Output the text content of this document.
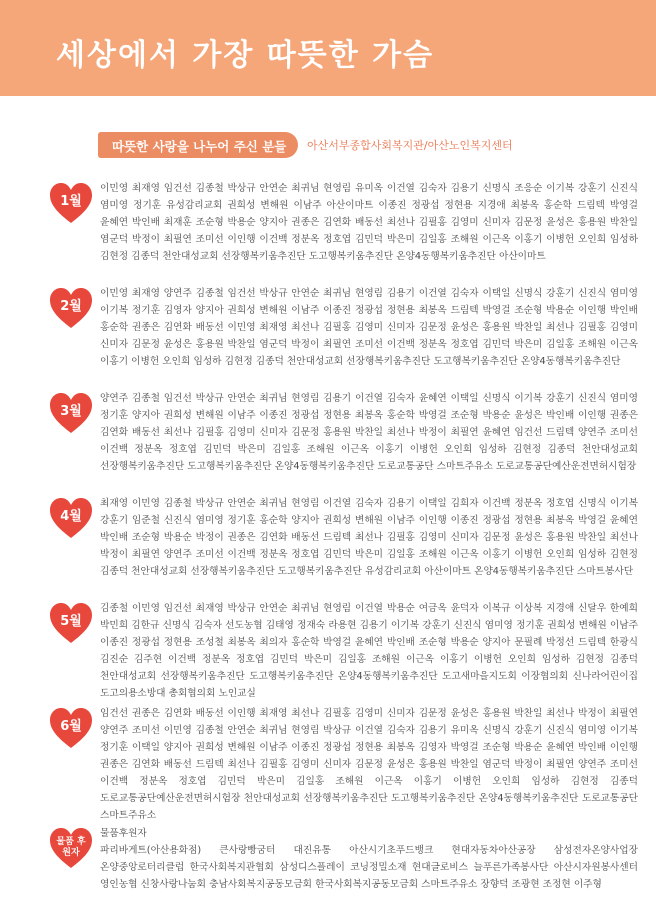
세상에서 가장 따뜻한 가슴
따뜻한 사랑을 나누어 주신 분들 아산서부종합사회복지관/아산노인복지센터
1월
이민영 최재영 임건선 김종철 박상규 안연순 최귀님 현영림 유미옥 이건열 김숙자 김용기 신명식 조응순 이기복 강훈기 신진식 염미영 정기훈 유성감리교회 권희성 변해원 이남주 아산이마트 이종진 정광섭 정현용 지경애 최봉옥 홍순학 드림텍 박영걸 윤혜연 박인배 최재훈 조순형 박용순 양지아 권종은 김연화 배동선 최선나 김필홍 김영미 신미자 김문정 윤성은 홍용원 박찬일 염군덕 박정이 최필연 조미선 이인행 이건백 정분옥 정호엽 김민덕 박은미 김일홍 조해원 이근옥 이홍기 이병헌 오인희 임성하 김현정 김종덕 천안대성교회 선장행복키움추진단 도고행복키움추진단 온양4동행복키움추진단 아산이마트
2월
이민영 최재영 양연주 김종철 임건선 박상규 안연순 최귀님 현영림 김용기 이건열 김숙자 이택일 신명식 강훈기 신진식 염미영 이기복 정기훈 김영자 양지아 권희성 변해원 이남주 이종진 정광섭 정현용 최봉옥 드림텍 박영걸 조순형 박용순 이인행 박인배 홍순학 권종은 김연화 배동선 이민영 최재영 최선나 김필홍 김영미 신미자 김문정 윤성은 홍용원 박찬일 최선나 김필홍 김영미 신미자 김문정 윤성은 홍용원 박찬일 염군덕 박정이 최필연 조미선 이건백 정분옥 정호엽 김민덕 박은미 김일홍 조해원 이근옥 이홍기 이병헌 오인희 임성하 김현정 김종덕 천안대성교회 선장행복키움추진단 도고행복키움추진단 온양4동행복키움추진단
3월
양연주 김종철 임건선 박상규 안연순 최귀님 현영림 김용기 이건열 김숙자 윤혜연 이택일 신명식 이기복 강훈기 신진식 염미영 정기훈 양지아 권희성 변해원 이남주 이종진 정광섭 정현용 최봉옥 홍순학 박영걸 조순형 박용순 윤성은 박인배 이인행 권종은 김연화 배동선 최선나 김필홍 김영미 신미자 김문정 홍용원 박찬일 최선나 박정이 최필연 윤혜연 임건선 드림텍 양연주 조미선 이건백 정분옥 정호엽 김민덕 박은미 김일홍 조해원 이근옥 이홍기 이병헌 오인희 임성하 김현정 김종덕 천안대성교회 선장행복키움추진단 도고행복키움추진단 온양4동행복키움추진단 도로교통공단 스마트주유소 도로교통공단예산운전면허시험장
4월
최재영 이민영 김종철 박상규 안연순 최귀님 현영림 이건열 김숙자 김용기 이택일 김희자 이건백 정분옥 정호엽 신명식 이기복 강훈기 임준철 신진식 염미영 정기훈 홍순학 양지아 권희성 변해원 이남주 이인행 이종진 정광섭 정현용 최봉옥 박영걸 윤혜연 박인배 조순형 박용순 박정이 권종은 김연화 배동선 드림텍 최선나 김필홍 김영미 신미자 김문정 윤성은 홍용원 박찬일 최선나 박정이 최필연 양연주 조미선 이건백 정분옥 정호엽 김민덕 박은미 김일홍 조해원 이근옥 이홍기 이병헌 오인희 임성하 김현정 김종덕 천안대성교회 선장행복키움추진단 도고행복키움추진단 유성감리교회 아산이마트 온양4동행복키움추진단 스마트봉사단
5월
김종철 이민영 임건선 최재영 박상규 안연순 최귀님 현영림 이건열 박용순 여금옥 윤덕자 이복규 이상복 지경애 신달우 한예희 박민희 김한규 신명식 김숙자 선도농협 김태영 정재숙 라용현 김용기 이기복 강훈기 신진식 염미영 정기훈 권희성 변해원 이남주 이종진 정광섭 정현용 조성철 최봉옥 최의자 홍순학 박영걸 윤혜연 박인배 조순형 박용순 양지아 문필례 박정선 드림텍 한광식 김진순 김주현 이건백 정분옥 정호엽 김민덕 박은미 김일홍 조해원 이근옥 이홍기 이병헌 오인희 임성하 김현정 김종덕 천안대성교회 선장행복키움추진단 도고행복키움추진단 온양4동행복키움추진단 도고새마을지도회 이장협의회 신나라어린이집 도고의용소방대 총회협의회 노인교실
6월
임건선 권종은 김연화 배동선 이인행 최재영 최선나 김필홍 김영미 신미자 김문정 윤성은 홍용원 박찬일 최선나 박정이 최필연 양연주 조미선 이민영 김종철 안연순 최귀님 현영림 박상규 이건열 김숙자 김용기 유미옥 신명식 강훈기 신진식 염미영 이기복 정기훈 이택일 양지아 권희성 변해원 이남주 이종진 정광섭 정현용 최봉옥 김영자 박영걸 조순형 박용순 윤혜연 박인배 이인행 권종은 김연화 배동선 드림텍 최선나 김필홍 김영미 신미자 김문정 윤성은 홍용원 박찬일 염군덕 박정이 최필연 양연주 조미선 이건백 정분옥 정호엽 김민덕 박은미 김일홍 조해원 이근옥 이홍기 이병헌 오인희 임성하 김현정 김종덕 도로교통공단예산운전면허시험장 천안대성교회 선장행복키움추진단 도고행복키움추진단 온양4동행복키움추진단 도로교통공단 스마트주유소
물품 후원자
물품후원자
파리바게트(아산용화점) 큰사랑빵굼터 대진유통 아산시기초푸드뱅크 현대자동차아산공장 삼성전자온양사업장 온양중앙로터리클럽 한국사회복지관협회 삼성디스플레이 코닝정밀소재 현대글로비스 늘푸른가족봉사단 아산시자원봉사센터 영인농협 신창사랑나눔회 충남사회복지공동모금회 한국사회복지공동모금회 스마트주유소 장향덕 조광현 조정현 이주형
